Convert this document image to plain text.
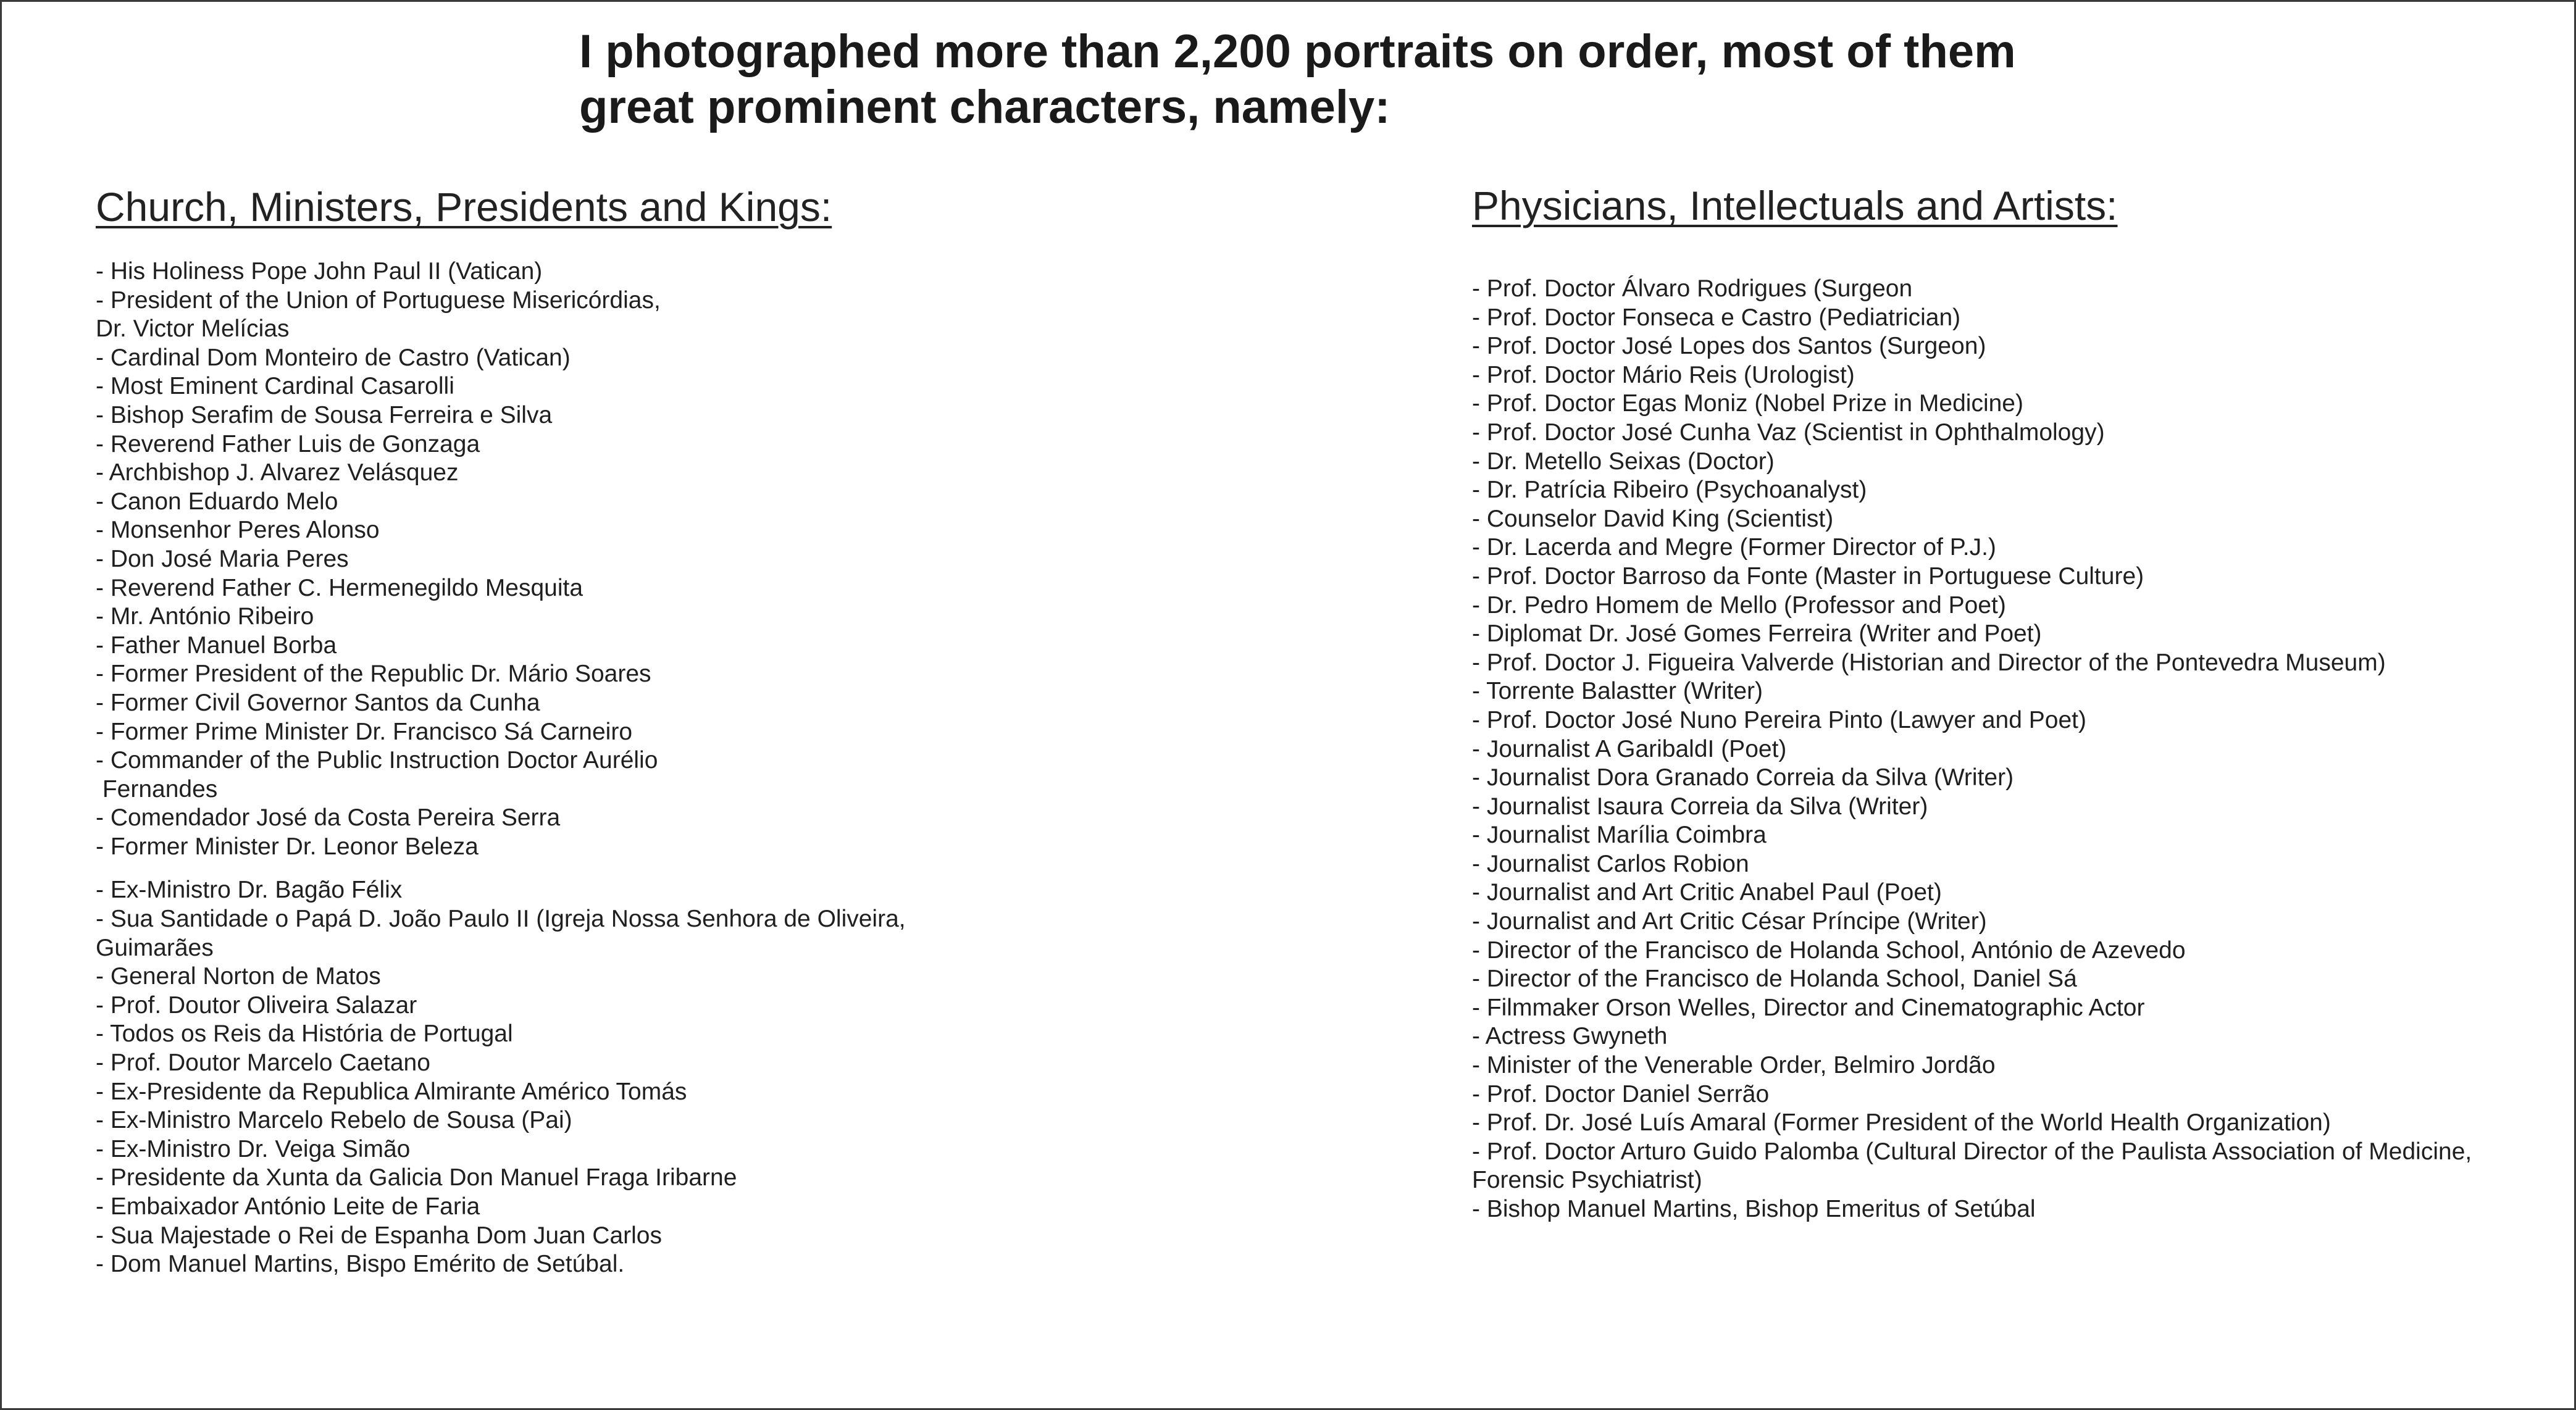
I photographed more than 2,200 portraits on order, most of them
great prominent characters, namely:
Church, Ministers, Presidents and Kings:
- His Holiness Pope John Paul II (Vatican)
- President of the Union of Portuguese Misericórdias,
Dr. Victor Melícias
- Cardinal Dom Monteiro de Castro (Vatican)
- Most Eminent Cardinal Casarolli
- Bishop Serafim de Sousa Ferreira e Silva
- Reverend Father Luis de Gonzaga
- Archbishop J. Alvarez Velásquez
- Canon Eduardo Melo
- Monsenhor Peres Alonso
- Don José Maria Peres
- Reverend Father C. Hermenegildo Mesquita
- Mr. António Ribeiro
- Father Manuel Borba
- Former President of the Republic Dr. Mário Soares
- Former Civil Governor Santos da Cunha
- Former Prime Minister Dr. Francisco Sá Carneiro
- Commander of the Public Instruction Doctor Aurélio
Fernandes
- Comendador José da Costa Pereira Serra
- Former Minister Dr. Leonor Beleza
- Ex-Ministro Dr. Bagão Félix
- Sua Santidade o Papá D. João Paulo II (Igreja Nossa Senhora de Oliveira,
Guimarães
- General Norton de Matos
- Prof. Doutor Oliveira Salazar
- Todos os Reis da História de Portugal
- Prof. Doutor Marcelo Caetano
- Ex-Presidente da Republica Almirante Américo Tomás
- Ex-Ministro Marcelo Rebelo de Sousa (Pai)
- Ex-Ministro Dr. Veiga Simão
- Presidente da Xunta da Galicia Don Manuel Fraga Iribarne
- Embaixador António Leite de Faria
- Sua Majestade o Rei de Espanha Dom Juan Carlos
- Dom Manuel Martins, Bispo Emérito de Setúbal.
Physicians, Intellectuals and Artists:
- Prof. Doctor Álvaro Rodrigues (Surgeon
- Prof. Doctor Fonseca e Castro (Pediatrician)
- Prof. Doctor José Lopes dos Santos (Surgeon)
- Prof. Doctor Mário Reis (Urologist)
- Prof. Doctor Egas Moniz (Nobel Prize in Medicine)
- Prof. Doctor José Cunha Vaz (Scientist in Ophthalmology)
- Dr. Metello Seixas (Doctor)
- Dr. Patrícia Ribeiro (Psychoanalyst)
- Counselor David King (Scientist)
- Dr. Lacerda and Megre (Former Director of P.J.)
- Prof. Doctor Barroso da Fonte (Master in Portuguese Culture)
- Dr. Pedro Homem de Mello (Professor and Poet)
- Diplomat Dr. José Gomes Ferreira (Writer and Poet)
- Prof. Doctor J. Figueira Valverde (Historian and Director of the Pontevedra Museum)
- Torrente Balastter (Writer)
- Prof. Doctor José Nuno Pereira Pinto (Lawyer and Poet)
- Journalist A GaribaldI (Poet)
- Journalist Dora Granado Correia da Silva (Writer)
- Journalist Isaura Correia da Silva (Writer)
- Journalist Marília Coimbra
- Journalist Carlos Robion
- Journalist and Art Critic Anabel Paul (Poet)
- Journalist and Art Critic César Príncipe (Writer)
- Director of the Francisco de Holanda School, António de Azevedo
- Director of the Francisco de Holanda School, Daniel Sá
- Filmmaker Orson Welles, Director and Cinematographic Actor
- Actress Gwyneth
- Minister of the Venerable Order, Belmiro Jordão
- Prof. Doctor Daniel Serrão
- Prof. Dr. José Luís Amaral (Former President of the World Health Organization)
- Prof. Doctor Arturo Guido Palomba (Cultural Director of the Paulista Association of Medicine,
Forensic Psychiatrist)
- Bishop Manuel Martins, Bishop Emeritus of Setúbal
